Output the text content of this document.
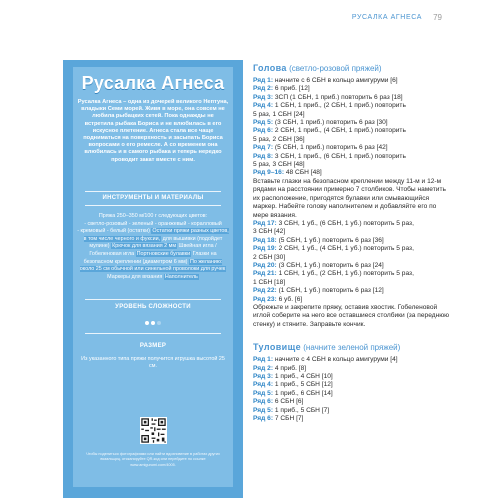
РУСАЛКА АГНЕСА 79
Русалка Агнеса
Русалка Агнеса – одна из дочерей великого Нептуна, владыки Семи морей. Живя в море, она совсем не любила рыбацких сетей. Пока однажды не встретила рыбака Бориса и не влюбилась в его искусное плетение. Агнеса стала все чаще подниматься на поверхность и засыпать Бориса вопросами о его ремесле. А со временем она влюбилась и в самого рыбака и теперь нередко проводит закат вместе с ним.
ИНСТРУМЕНТЫ И МАТЕРИАЛЫ
Пряжа 250–350 м/100 г следующих цветов:
- светло-розовый - зеленый - оранжевый - коралловый
- кремовый - белый (остатки) Остатки пряжи разных цветов, в том числе черного и фуксии, для вышивки (подойдет мулине) Крючок для вязания 2 мм Швейная игла / Гобеленовая игла Портновские булавки Глазки на безопасном креплении (диаметром 6 мм) По желанию: около 25 см обычной или синельной проволоки для ручек Маркеры для вязания Наполнитель
УРОВЕНЬ СЛОЖНОСТИ
РАЗМЕР
Из указанного типа пряжи получится игрушка высотой 25 см.
Чтобы поделиться фотографиями или найти вдохновение в работах других вязальщиц, отсканируйте QR-код или перейдите по ссылке www.amigurumi.com/4005.
Голова (светло-розовой пряжей)
Ряд 1: начните с 6 СБН в кольцо амигуруми [6]
Ряд 2: 6 приб. [12]
Ряд 3: 3СП (1 СБН, 1 приб.) повторить 6 раз [18]
Ряд 4: 1 СБН, 1 приб., (2 СБН, 1 приб.) повторить
5 раз, 1 СБН [24]
Ряд 5: (3 СБН, 1 приб.) повторить 6 раз [30]
Ряд 6: 2 СБН, 1 приб., (4 СБН, 1 приб.) повторить
5 раз, 2 СБН [36]
Ряд 7: (5 СБН, 1 приб.) повторить 6 раз [42]
Ряд 8: 3 СБН, 1 приб., (6 СБН, 1 приб.) повторить
5 раз, 3 СБН [48]
Ряд 9–16: 48 СБН [48]
Вставьте глазки на безопасном креплении между 11-м и 12-м рядами на расстоянии примерно 7 столбиков. Чтобы наметить их расположение, пригодятся булавки или смывающийся маркер. Набейте голову наполнителем и добавляйте его по мере вязания.
Ряд 17: 3 СБН, 1 уб., (6 СБН, 1 уб.) повторить 5 раз,
3 СБН [42]
Ряд 18: (5 СБН, 1 уб.) повторить 6 раз [36]
Ряд 19: 2 СБН, 1 уб., (4 СБН, 1 уб.) повторить 5 раз,
2 СБН [30]
Ряд 20: (3 СБН, 1 уб.) повторить 6 раз [24]
Ряд 21: 1 СБН, 1 уб., (2 СБН, 1 уб.) повторить 5 раз,
1 СБН [18]
Ряд 22: (1 СБН, 1 уб.) повторить 6 раз [12]
Ряд 23: 6 уб. [6]
Обрежьте и закрепите пряжу, оставив хвостик. Гобеленовой иглой соберите на него все оставшиеся столбики (за переднюю стенку) и стяните. Заправьте кончик.
Туловище (начните зеленой пряжей)
Ряд 1: начните с 4 СБН в кольцо амигуруми [4]
Ряд 2: 4 приб. [8]
Ряд 3: 1 приб., 4 СБН [10]
Ряд 4: 1 приб., 5 СБН [12]
Ряд 5: 1 приб., 6 СБН [14]
Ряд 6: 6 СБН [6]
Ряд 5: 1 приб., 5 СБН [7]
Ряд 6: 7 СБН [7]
